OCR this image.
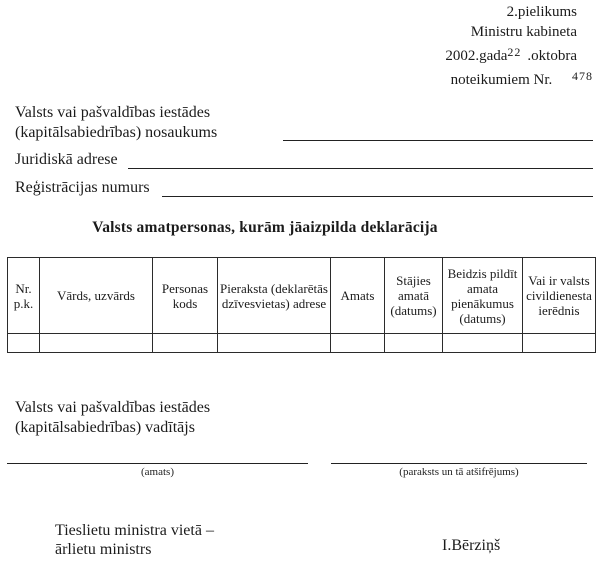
2.pielikums
Ministru kabineta
2002.gada$^{22}$ .oktobra
noteikumiem Nr. $^{478}$
Valsts vai pašvaldības iestādes
(kapitālsabiedrības) nosaukums
Juridiskā adrese
Reģistrācijas numurs
Valsts amatpersonas, kurām jāaizpilda deklarācija
Nr. p.k.	Vārds, uzvārds	Personas kods	Pieraksta (deklarētās dzīvesvietas) adrese	Amats	Stājies amatā (datums)	Beidzis pildīt amata pienākumus (datums)	Vai ir valsts civildienesta ierēdnis

Valsts vai pašvaldības iestādes
(kapitālsabiedrības) vadītājs
(amats)	(paraksts un tā atšifrējums)
Tieslietu ministra vietā –
ārlietu ministrs	I.Bērziņš
